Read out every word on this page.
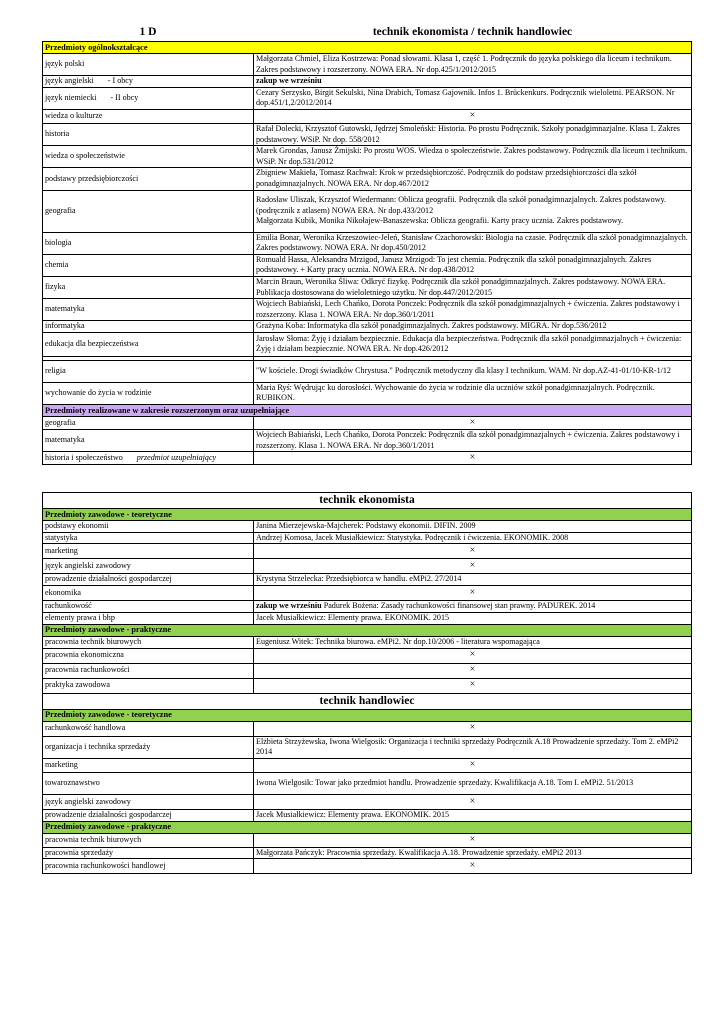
1 D	technik ekonomista / technik handlowiec
Przedmioty ogólnokształcące	
język polski	Małgorzata Chmiel, Eliza Kostrzewa: Ponad słowami. Klasa 1, część 1. Podręcznik do języka polskiego dla liceum i technikum. Zakres podstawowy i rozszerzony. NOWA ERA. Nr dop.425/1/2012/2015
język angielski - I obcy	zakup we wrześniu
język niemiecki - II obcy	Cezary Serzysko, Birgit Sekulski, Nina Drabich, Tomasz Gajownik. Infos 1. Brückenkurs. Podręcznik wieloletni. PEARSON. Nr dop.451/1,2/2012/2014
wiedza o kulturze	×
historia	Rafał Dolecki, Krzysztof Gutowski, Jędrzej Smoleński: Historia. Po prostu Podręcznik. Szkoły ponadgimnazjalne. Klasa 1. Zakres podstawowy. WSiP. Nr dop. 558/2012
wiedza o społeczeństwie	Marek Grondas, Janusz Żmijski: Po prostu WOS. Wiedza o społeczeństwie. Zakres podstawowy. Podręcznik dla liceum i technikum. WSiP. Nr dop.531/2012
podstawy przedsiębiorczości	Zbigniew Makieła, Tomasz Rachwał: Krok w przedsiębiorczość. Podręcznik do podstaw przedsiębiorczości dla szkół ponadgimnazjalnych. NOWA ERA. Nr dop.467/2012
geografia	Radosław Uliszak, Krzysztof Wiedermann: Oblicza geografii. Podręcznik dla szkół ponadgimnazjalnych. Zakres podstawowy. (podręcznik z atlasem) NOWA ERA. Nr dop.433/2012
Małgorzata Kubik, Monika Nikołajew-Banaszewska: Oblicza geografii. Karty pracy ucznia. Zakres podstawowy.

biologia	Emilia Bonar, Weronika Krzeszowiec-Jeleń, Stanisław Czachorowski: Biologia na czasie. Podręcznik dla szkół ponadgimnazjalnych. Zakres podstawowy. NOWA ERA. Nr dop.450/2012
chemia	Romuald Hassa, Aleksandra Mrzigod, Janusz Mrzigod: To jest chemia. Podręcznik dla szkół ponadgimnazjalnych. Zakres podstawowy. + Karty pracy ucznia. NOWA ERA. Nr dop.438/2012
fizyka	Marcin Braun, Weronika Śliwa: Odkryć fizykę. Podręcznik dla szkół ponadgimnazjalnych. Zakres podstawowy. NOWA ERA. Publikacja dostosowana do wieloletniego użytku. Nr dop.447/2012/2015
matematyka	Wojciech Babiański, Lech Chańko, Dorota Ponczek: Podręcznik dla szkół ponadgimnazjalnych + ćwiczenia. Zakres podstawowy i rozszerzony. Klasa 1. NOWA ERA. Nr dop.360/1/2011
informatyka	Grażyna Koba: Informatyka dla szkół ponadgimnazjalnych. Zakres podstawowy. MIGRA. Nr dop.536/2012
edukacja dla bezpieczeństwa	Jarosław Słoma: Żyję i działam bezpiecznie. Edukacja dla bezpieczeństwa. Podręcznik dla szkół ponadgimnazjalnych + ćwiczenia: Żyję i działam bezpiecznie. NOWA ERA. Nr dop.426/2012

religia	"W kościele. Drogi świadków Chrystusa." Podręcznik metodyczny dla klasy I technikum. WAM. Nr dop.AZ-41-01/10-KR-1/12
wychowanie do życia w rodzinie	Maria Ryś: Wędrując ku dorosłości. Wychowanie do życia w rodzinie dla uczniów szkół ponadgimnazjalnych. Podręcznik. RUBIKON.
Przedmioty realizowane w zakresie rozszerzonym oraz uzupełniające	
geografia	×
matematyka	Wojciech Babiański, Lech Chańko, Dorota Ponczek: Podręcznik dla szkół ponadgimnazjalnych + ćwiczenia. Zakres podstawowy i rozszerzony. Klasa 1. NOWA ERA. Nr dop.360/1/2011
historia i społeczeństwo przedmiot uzupełniający	×
technik ekonomista	
Przedmioty zawodowe - teoretyczne	
podstawy ekonomii	Janina Mierzejewska-Majcherek: Podstawy ekonomii. DIFIN. 2009
statystyka	Andrzej Komosa, Jacek Musiałkiewicz: Statystyka. Podręcznik i ćwiczenia. EKONOMIK. 2008
marketing	×
język angielski zawodowy	×
prowadzenie działalności gospodarczej	Krystyna Strzelecka: Przedsiębiorca w handlu. eMPi2. 27/2014
ekonomika	×
rachunkowość	zakup we wrześniu Padurek Bożena: Zasady rachunkowości finansowej stan prawny. PADUREK. 2014
elementy prawa i bhp	Jacek Musiałkiewicz: Elementy prawa. EKONOMIK. 2015
Przedmioty zawodowe - praktyczne	
pracownia technik biurowych	Eugeniusz Witek: Technika biurowa. eMPi2. Nr dop.10/2006 - literatura wspomagająca
pracownia ekonomiczna	×
pracownia rachunkowości	×
praktyka zawodowa	×
technik handlowiec	
Przedmioty zawodowe - teoretyczne	
rachunkowość handlowa	×
organizacja i technika sprzedaży	Elżbieta Strzyżewska, Iwona Wielgosik: Organizacja i techniki sprzedaży Podręcznik A.18 Prowadzenie sprzedaży. Tom 2. eMPi2 2014
marketing	×
towaroznawstwo	Iwona Wielgosik: Towar jako przedmiot handlu. Prowadzenie sprzedaży. Kwalifikacja A.18. Tom I. eMPi2. 51/2013
język angielski zawodowy	×
prowadzenie działalności gospodarczej	Jacek Musiałkiewicz: Elementy prawa. EKONOMIK. 2015
Przedmioty zawodowe - praktyczne	
pracownia technik biurowych	×
pracownia sprzedaży	Małgorzata Pańczyk: Pracownia sprzedaży. Kwalifikacja A.18. Prowadzenie sprzedaży. eMPi2 2013
pracownia rachunkowości handlowej	×
